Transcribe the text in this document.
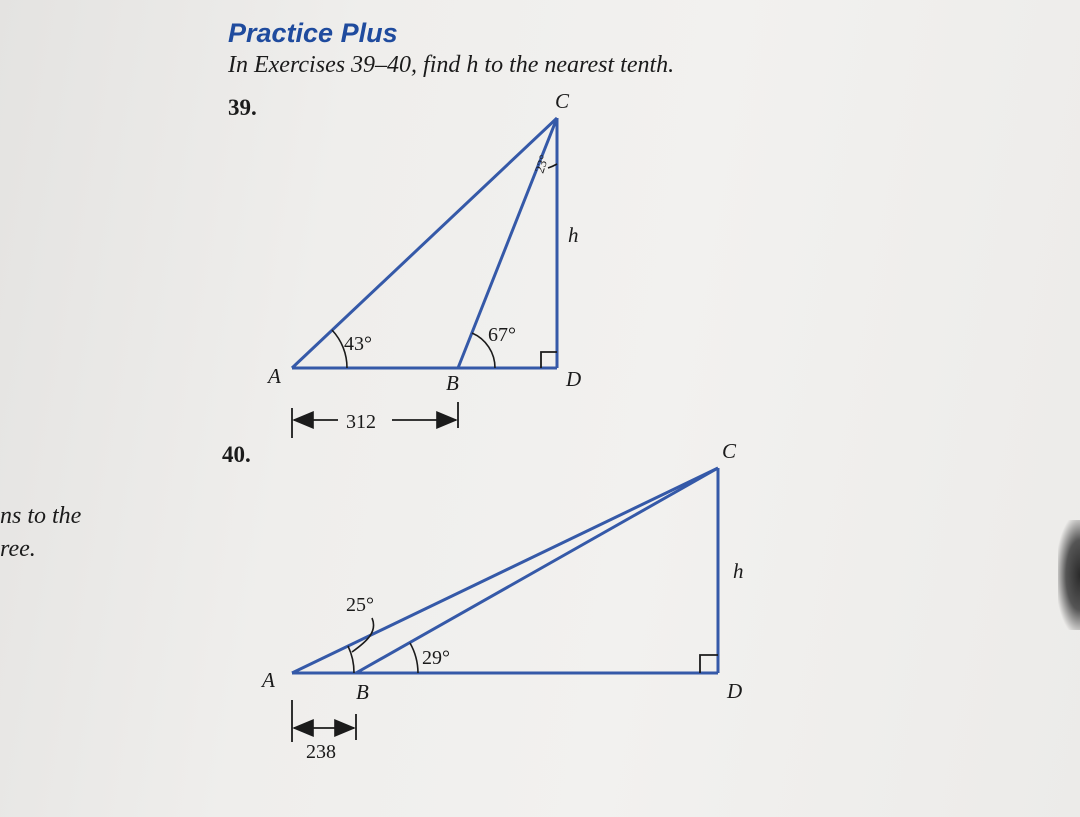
Practice Plus
In Exercises 39–40, find h to the nearest tenth.
39.
40.
ns to the
ree.
C
A	B	D
h
43°	67°
23°
312
C
A	B	D
h
25°
29°
238
